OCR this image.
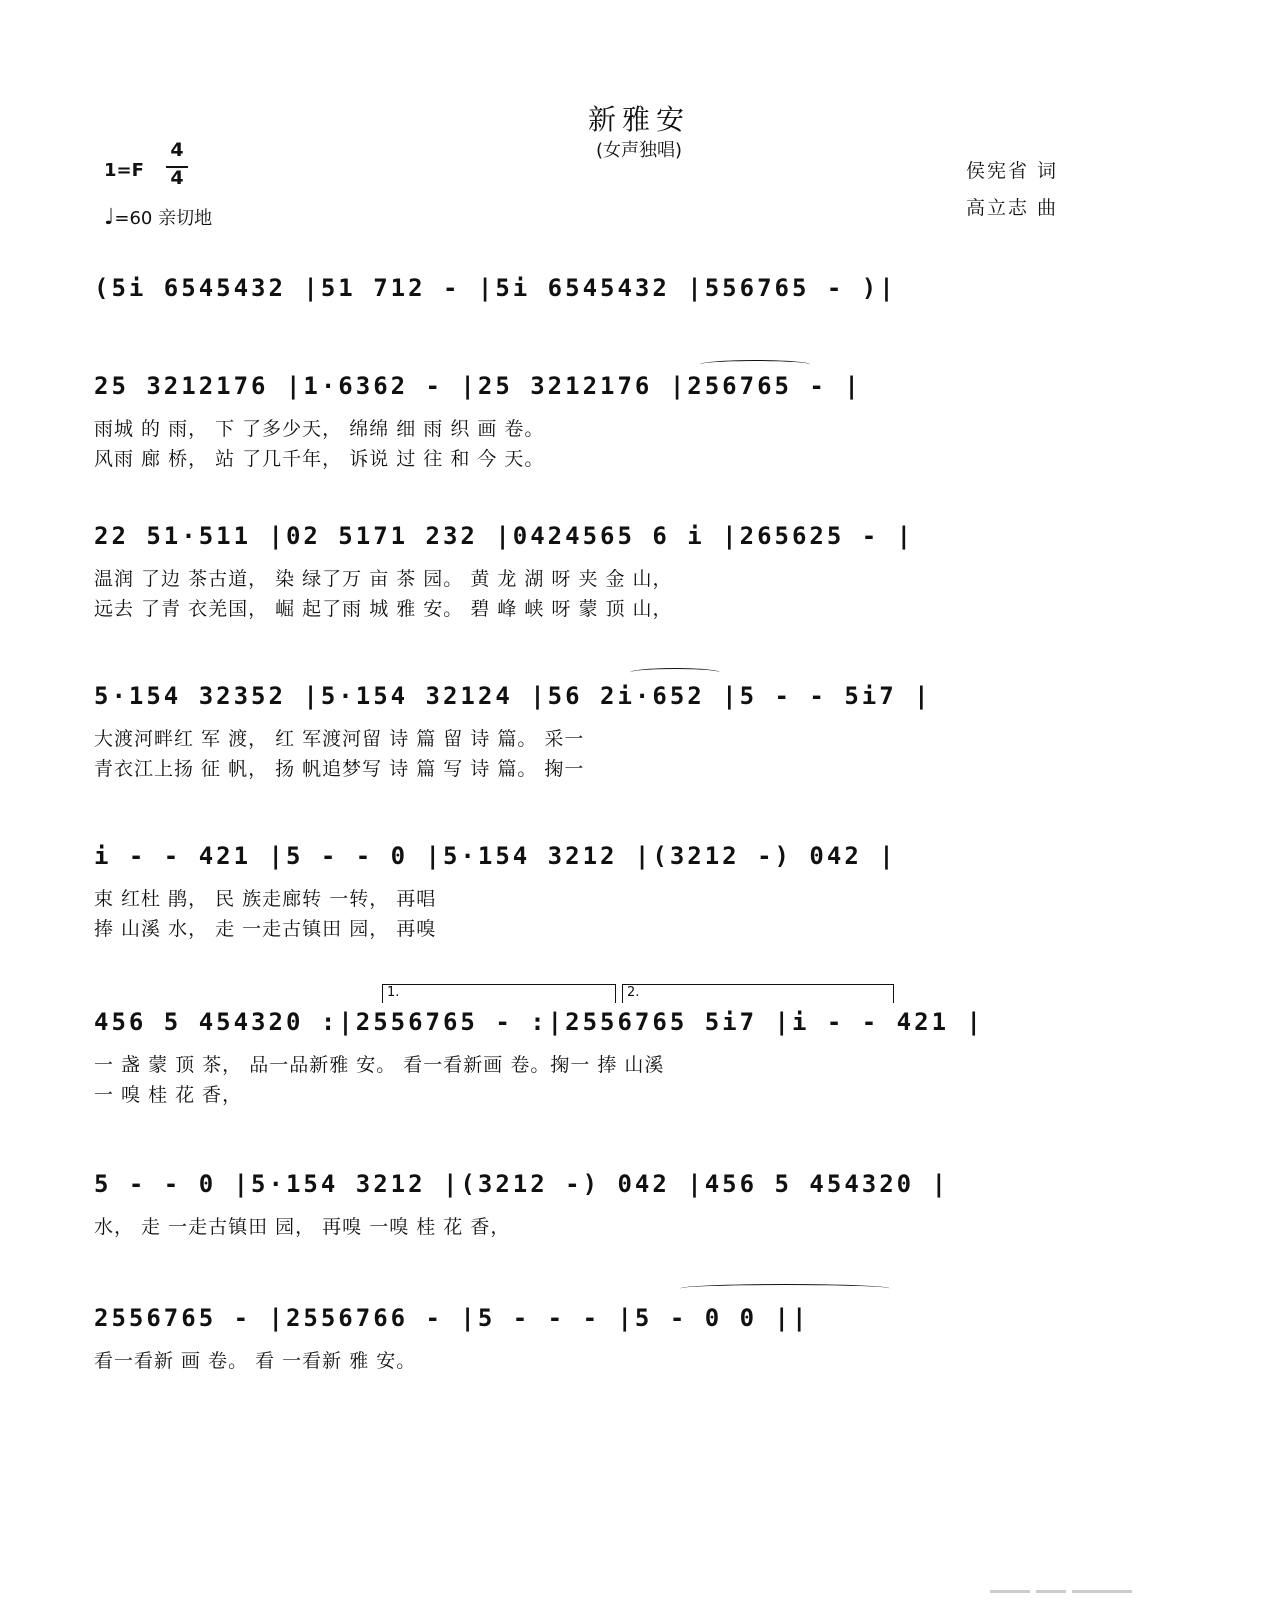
新雅安
(女声独唱)
1=F
4
4
♩=60 亲切地
侯宪省 词
高立志 曲
(5i 6545432 |51 712 - |5i 6545432 |556765 - )|
25 3212176 |1·6362 - |25 3212176 |256765 - |
雨城 的 雨， 下 了多少天， 绵绵 细 雨 织 画 卷。
风雨 廊 桥， 站 了几千年， 诉说 过 往 和 今 天。
22 51·511 |02 5171 232 |0424565 6 i |265625 - |
温润 了边 茶古道， 染 绿了万 亩 茶 园。 黄 龙 湖 呀 夹 金 山，
远去 了青 衣羌国， 崛 起了雨 城 雅 安。 碧 峰 峡 呀 蒙 顶 山，
5·154 32352 |5·154 32124 |56 2i·652 |5 - - 5i7 |
大渡河畔红 军 渡， 红 军渡河留 诗 篇 留 诗 篇。 采一
青衣江上扬 征 帆， 扬 帆追梦写 诗 篇 写 诗 篇。 掬一
i - - 421 |5 - - 0 |5·154 3212 |(3212 -) 042 |
束 红杜 鹃， 民 族走廊转 一转， 再唱
捧 山溪 水， 走 一走古镇田 园， 再嗅
1.	2.
456 5 454320 :|2556765 - :|2556765 5i7 |i - - 421 |
一 盏 蒙 顶 茶， 品一品新雅 安。 看一看新画 卷。掬一 捧 山溪
一 嗅 桂 花 香，
5 - - 0 |5·154 3212 |(3212 -) 042 |456 5 454320 |
水， 走 一走古镇田 园， 再嗅 一嗅 桂 花 香，
2556765 - |2556766 - |5 - - - |5 - 0 0 ||
看一看新 画 卷。 看 一看新 雅 安。
